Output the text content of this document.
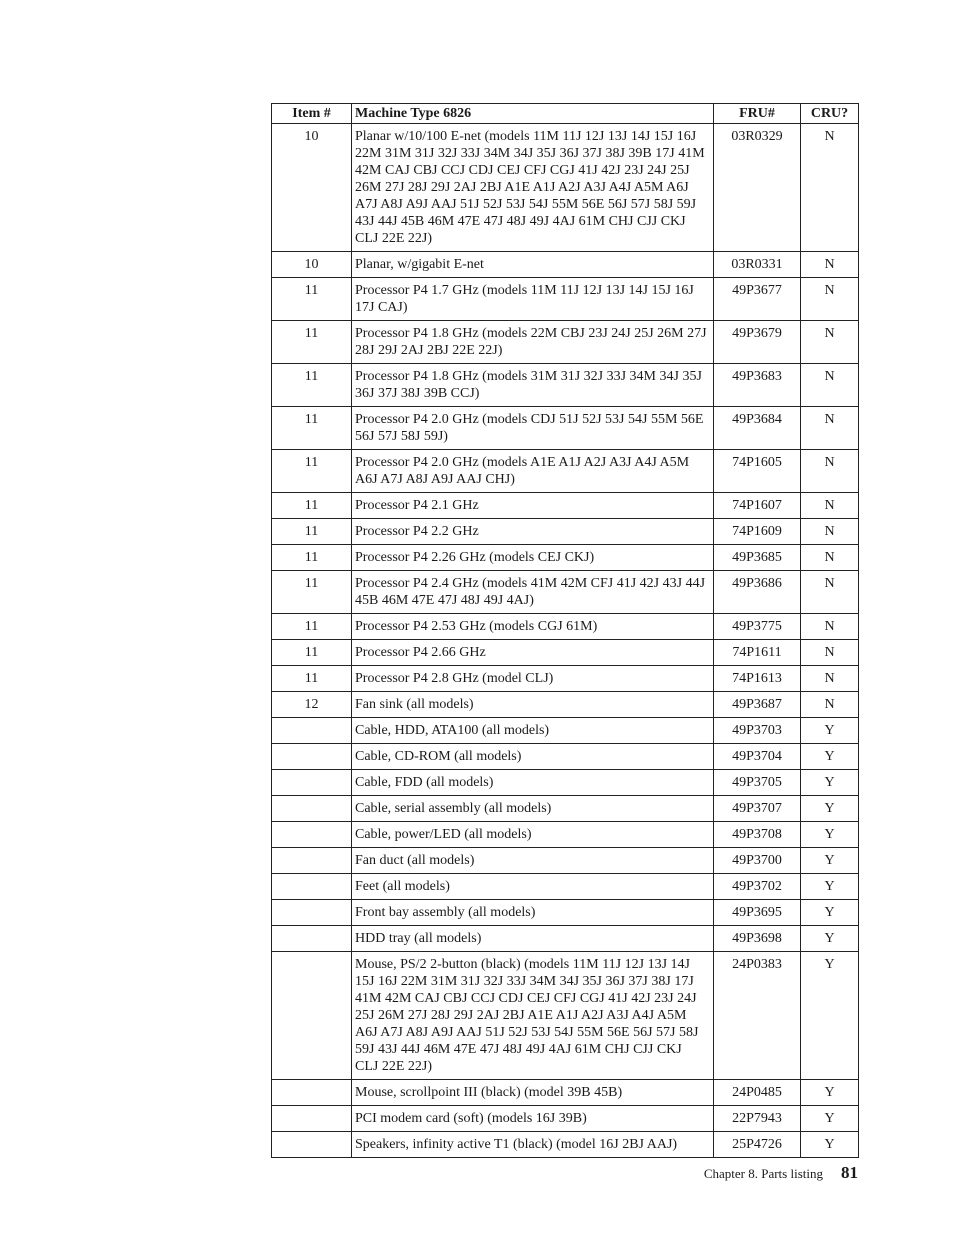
Item #	Machine Type 6826	FRU#	CRU?
10	Planar w/10/100 E-net (models 11M 11J 12J 13J 14J 15J 16J 22M 31M 31J 32J 33J 34M 34J 35J 36J 37J 38J 39B 17J 41M 42M CAJ CBJ CCJ CDJ CEJ CFJ CGJ 41J 42J 23J 24J 25J 26M 27J 28J 29J 2AJ 2BJ A1E A1J A2J A3J A4J A5M A6J A7J A8J A9J AAJ 51J 52J 53J 54J 55M 56E 56J 57J 58J 59J 43J 44J 45B 46M 47E 47J 48J 49J 4AJ 61M CHJ CJJ CKJ CLJ 22E 22J)	03R0329	N
10	Planar, w/gigabit E-net	03R0331	N
11	Processor P4 1.7 GHz (models 11M 11J 12J 13J 14J 15J 16J 17J CAJ)	49P3677	N
11	Processor P4 1.8 GHz (models 22M CBJ 23J 24J 25J 26M 27J 28J 29J 2AJ 2BJ 22E 22J)	49P3679	N
11	Processor P4 1.8 GHz (models 31M 31J 32J 33J 34M 34J 35J 36J 37J 38J 39B CCJ)	49P3683	N
11	Processor P4 2.0 GHz (models CDJ 51J 52J 53J 54J 55M 56E 56J 57J 58J 59J)	49P3684	N
11	Processor P4 2.0 GHz (models A1E A1J A2J A3J A4J A5M A6J A7J A8J A9J AAJ CHJ)	74P1605	N
11	Processor P4 2.1 GHz	74P1607	N
11	Processor P4 2.2 GHz	74P1609	N
11	Processor P4 2.26 GHz (models CEJ CKJ)	49P3685	N
11	Processor P4 2.4 GHz (models 41M 42M CFJ 41J 42J 43J 44J 45B 46M 47E 47J 48J 49J 4AJ)	49P3686	N
11	Processor P4 2.53 GHz (models CGJ 61M)	49P3775	N
11	Processor P4 2.66 GHz	74P1611	N
11	Processor P4 2.8 GHz (model CLJ)	74P1613	N
12	Fan sink (all models)	49P3687	N
	Cable, HDD, ATA100 (all models)	49P3703	Y
	Cable, CD-ROM (all models)	49P3704	Y
	Cable, FDD (all models)	49P3705	Y
	Cable, serial assembly (all models)	49P3707	Y
	Cable, power/LED (all models)	49P3708	Y
	Fan duct (all models)	49P3700	Y
	Feet (all models)	49P3702	Y
	Front bay assembly (all models)	49P3695	Y
	HDD tray (all models)	49P3698	Y
	Mouse, PS/2 2-button (black) (models 11M 11J 12J 13J 14J 15J 16J 22M 31M 31J 32J 33J 34M 34J 35J 36J 37J 38J 17J 41M 42M CAJ CBJ CCJ CDJ CEJ CFJ CGJ 41J 42J 23J 24J 25J 26M 27J 28J 29J 2AJ 2BJ A1E A1J A2J A3J A4J A5M A6J A7J A8J A9J AAJ 51J 52J 53J 54J 55M 56E 56J 57J 58J 59J 43J 44J 46M 47E 47J 48J 49J 4AJ 61M CHJ CJJ CKJ CLJ 22E 22J)	24P0383	Y
	Mouse, scrollpoint III (black) (model 39B 45B)	24P0485	Y
	PCI modem card (soft) (models 16J 39B)	22P7943	Y
	Speakers, infinity active T1 (black) (model 16J 2BJ AAJ)	25P4726	Y
Chapter 8. Parts listing 81
